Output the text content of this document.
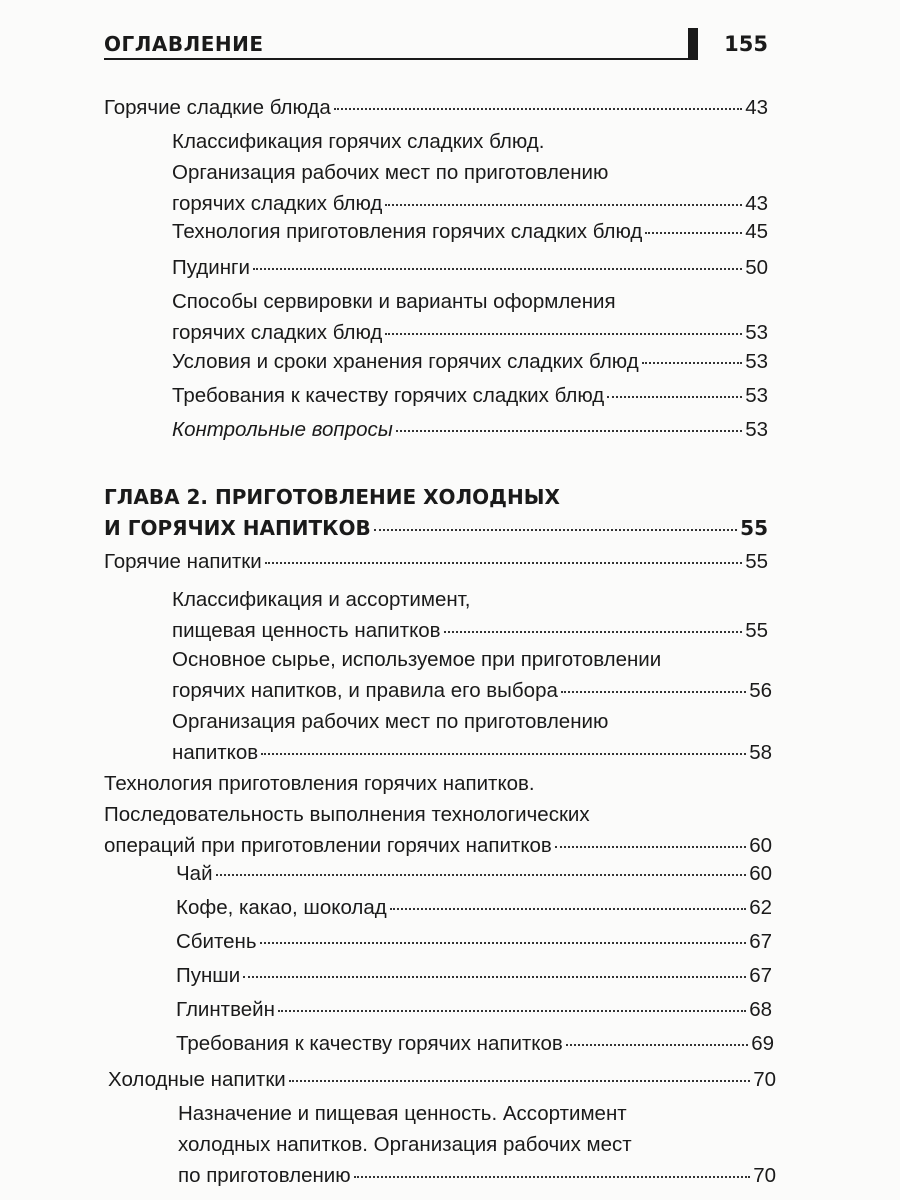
ОГЛАВЛЕНИЕ	155
Горячие сладкие блюда	43
Классификация горячих сладких блюд.
Организация рабочих мест по приготовлению
горячих сладких блюд	43
Технология приготовления горячих сладких блюд	45
Пудинги	50
Способы сервировки и варианты оформления
горячих сладких блюд	53
Условия и сроки хранения горячих сладких блюд	53
Требования к качеству горячих сладких блюд	53
Контрольные вопросы	53
ГЛАВА 2. ПРИГОТОВЛЕНИЕ ХОЛОДНЫХ
И ГОРЯЧИХ НАПИТКОВ	55
Горячие напитки	55
Классификация и ассортимент,
пищевая ценность напитков	55
Основное сырье, используемое при приготовлении
горячих напитков, и правила его выбора	56
Организация рабочих мест по приготовлению
напитков	58
Технология приготовления горячих напитков.
Последовательность выполнения технологических
операций при приготовлении горячих напитков	60
Чай	60
Кофе, какао, шоколад	62
Сбитень	67
Пунши	67
Глинтвейн	68
Требования к качеству горячих напитков	69
Холодные напитки	70
Назначение и пищевая ценность. Ассортимент
холодных напитков. Организация рабочих мест
по приготовлению	70
